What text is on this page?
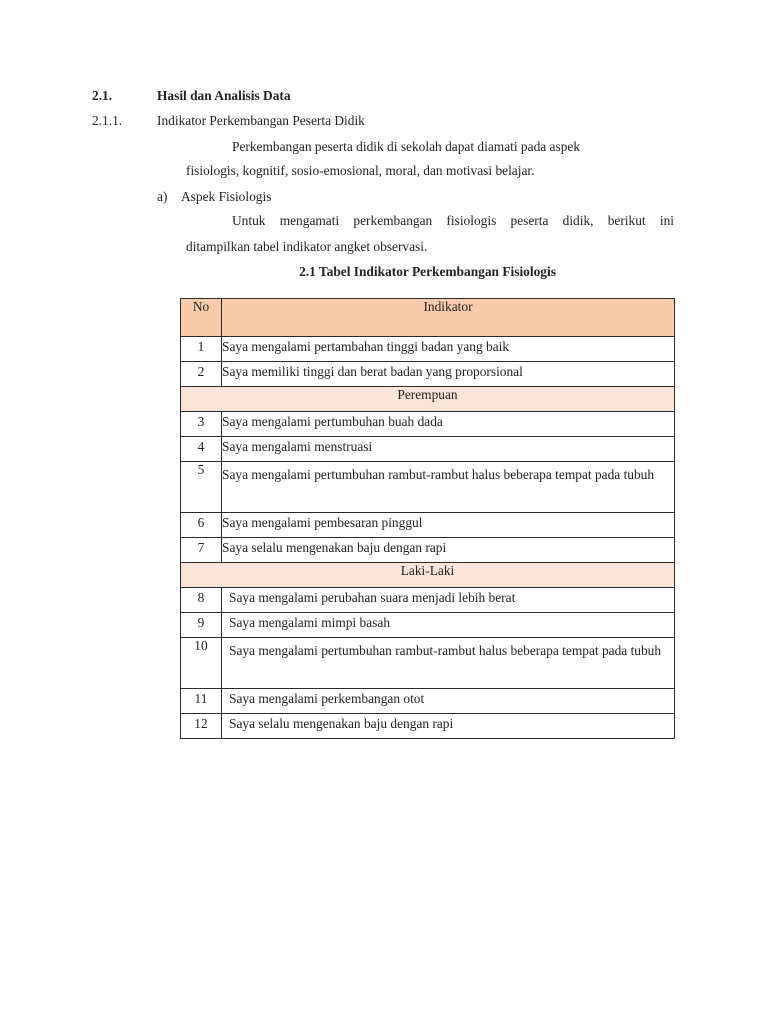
2.1.	Hasil dan Analisis Data
2.1.1.	Indikator Perkembangan Peserta Didik
Perkembangan peserta didik di sekolah dapat diamati pada aspek
fisiologis, kognitif, sosio-emosional, moral, dan motivasi belajar.
a) Aspek Fisiologis
Untuk mengamati perkembangan fisiologis peserta didik, berikut ini
ditampilkan tabel indikator angket observasi.
2.1 Tabel Indikator Perkembangan Fisiologis
No	Indikator
1	Saya mengalami pertambahan tinggi badan yang baik
2	Saya memiliki tinggi dan berat badan yang proporsional
Perempuan	
3	Saya mengalami pertumbuhan buah dada
4	Saya mengalami menstruasi
5	Saya mengalami pertumbuhan rambut-rambut halus beberapa tempat pada tubuh
6	Saya mengalami pembesaran pinggul
7	Saya selalu mengenakan baju dengan rapi
Laki-Laki	
8	Saya mengalami perubahan suara menjadi lebih berat
9	Saya mengalami mimpi basah
10	Saya mengalami pertumbuhan rambut-rambut halus beberapa tempat pada tubuh
11	Saya mengalami perkembangan otot
12	Saya selalu mengenakan baju dengan rapi
